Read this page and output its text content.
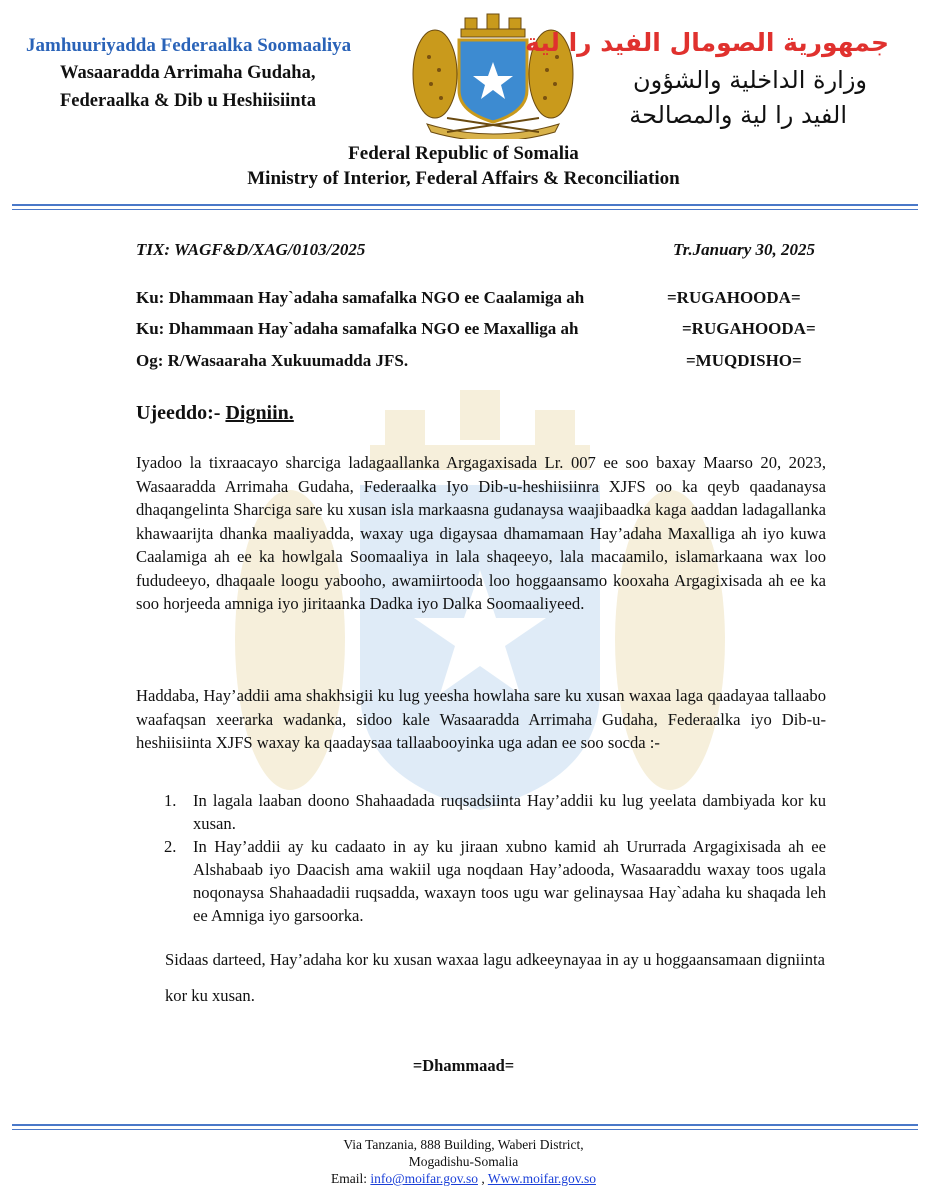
Jamhuuriyadda Federaalka Soomaaliya
Wasaaradda Arrimaha Gudaha,
Federaalka & Dib u Heshiisiinta
جمهورية الصومال الفيد را لية
وزارة الداخلية والشؤون
الفيد را لية والمصالحة
Federal Republic of Somalia
Ministry of Interior, Federal Affairs & Reconciliation
TIX: WAGF&D/XAG/0103/2025	Tr.January 30, 2025
Ku: Dhammaan Hay`adaha samafalka NGO ee Caalamiga ah	=RUGAHOODA=
Ku: Dhammaan Hay`adaha samafalka NGO ee Maxalliga ah	=RUGAHOODA=
Og: R/Wasaaraha Xukuumadda JFS.	=MUQDISHO=
Ujeeddo:- Digniin.
Iyadoo la tixraacayo sharciga ladagaallanka Argagaxisada Lr. 007 ee soo baxay Maarso 20, 2023, Wasaaradda Arrimaha Gudaha, Federaalka Iyo Dib-u-heshiisiinra XJFS oo ka qeyb qaadanaysa dhaqangelinta Sharciga sare ku xusan isla markaasna gudanaysa waajibaadka kaga aaddan ladagallanka khawaarijta dhanka maaliyadda, waxay uga digaysaa dhamamaan Hay’adaha Maxalliga ah iyo kuwa Caalamiga ah ee ka howlgala Soomaaliya in lala shaqeeyo, lala macaamilo, islamarkaana wax loo fududeeyo, dhaqaale loogu yabooho, awamiirtooda loo hoggaansamo kooxaha Argagixisada ah ee ka soo horjeeda amniga iyo jiritaanka Dadka iyo Dalka Soomaaliyeed.
Haddaba, Hay’addii ama shakhsigii ku lug yeesha howlaha sare ku xusan waxaa laga qaadayaa tallaabo waafaqsan xeerarka wadanka, sidoo kale Wasaaradda Arrimaha Gudaha, Federaalka iyo Dib-u-heshiisiinta XJFS waxay ka qaadaysaa tallaabooyinka uga adan ee soo socda :-
1. In lagala laaban doono Shahaadada ruqsadsiinta Hay’addii ku lug yeelata dambiyada kor ku xusan.
2. In Hay’addii ay ku cadaato in ay ku jiraan xubno kamid ah Ururrada Argagixisada ah ee Alshabaab iyo Daacish ama wakiil uga noqdaan Hay’adooda, Wasaaraddu waxay toos ugala noqonaysa Shahaadadii ruqsadda, waxayn toos ugu war gelinaysaa Hay`adaha ku shaqada leh ee Amniga iyo garsoorka.
Sidaas darteed, Hay’adaha kor ku xusan waxaa lagu adkeeynayaa in ay u hoggaansamaan digniinta kor ku xusan.
=Dhammaad=
Via Tanzania, 888 Building, Waberi District,
Mogadishu-Somalia
Email: info@moifar.gov.so , Www.moifar.gov.so
